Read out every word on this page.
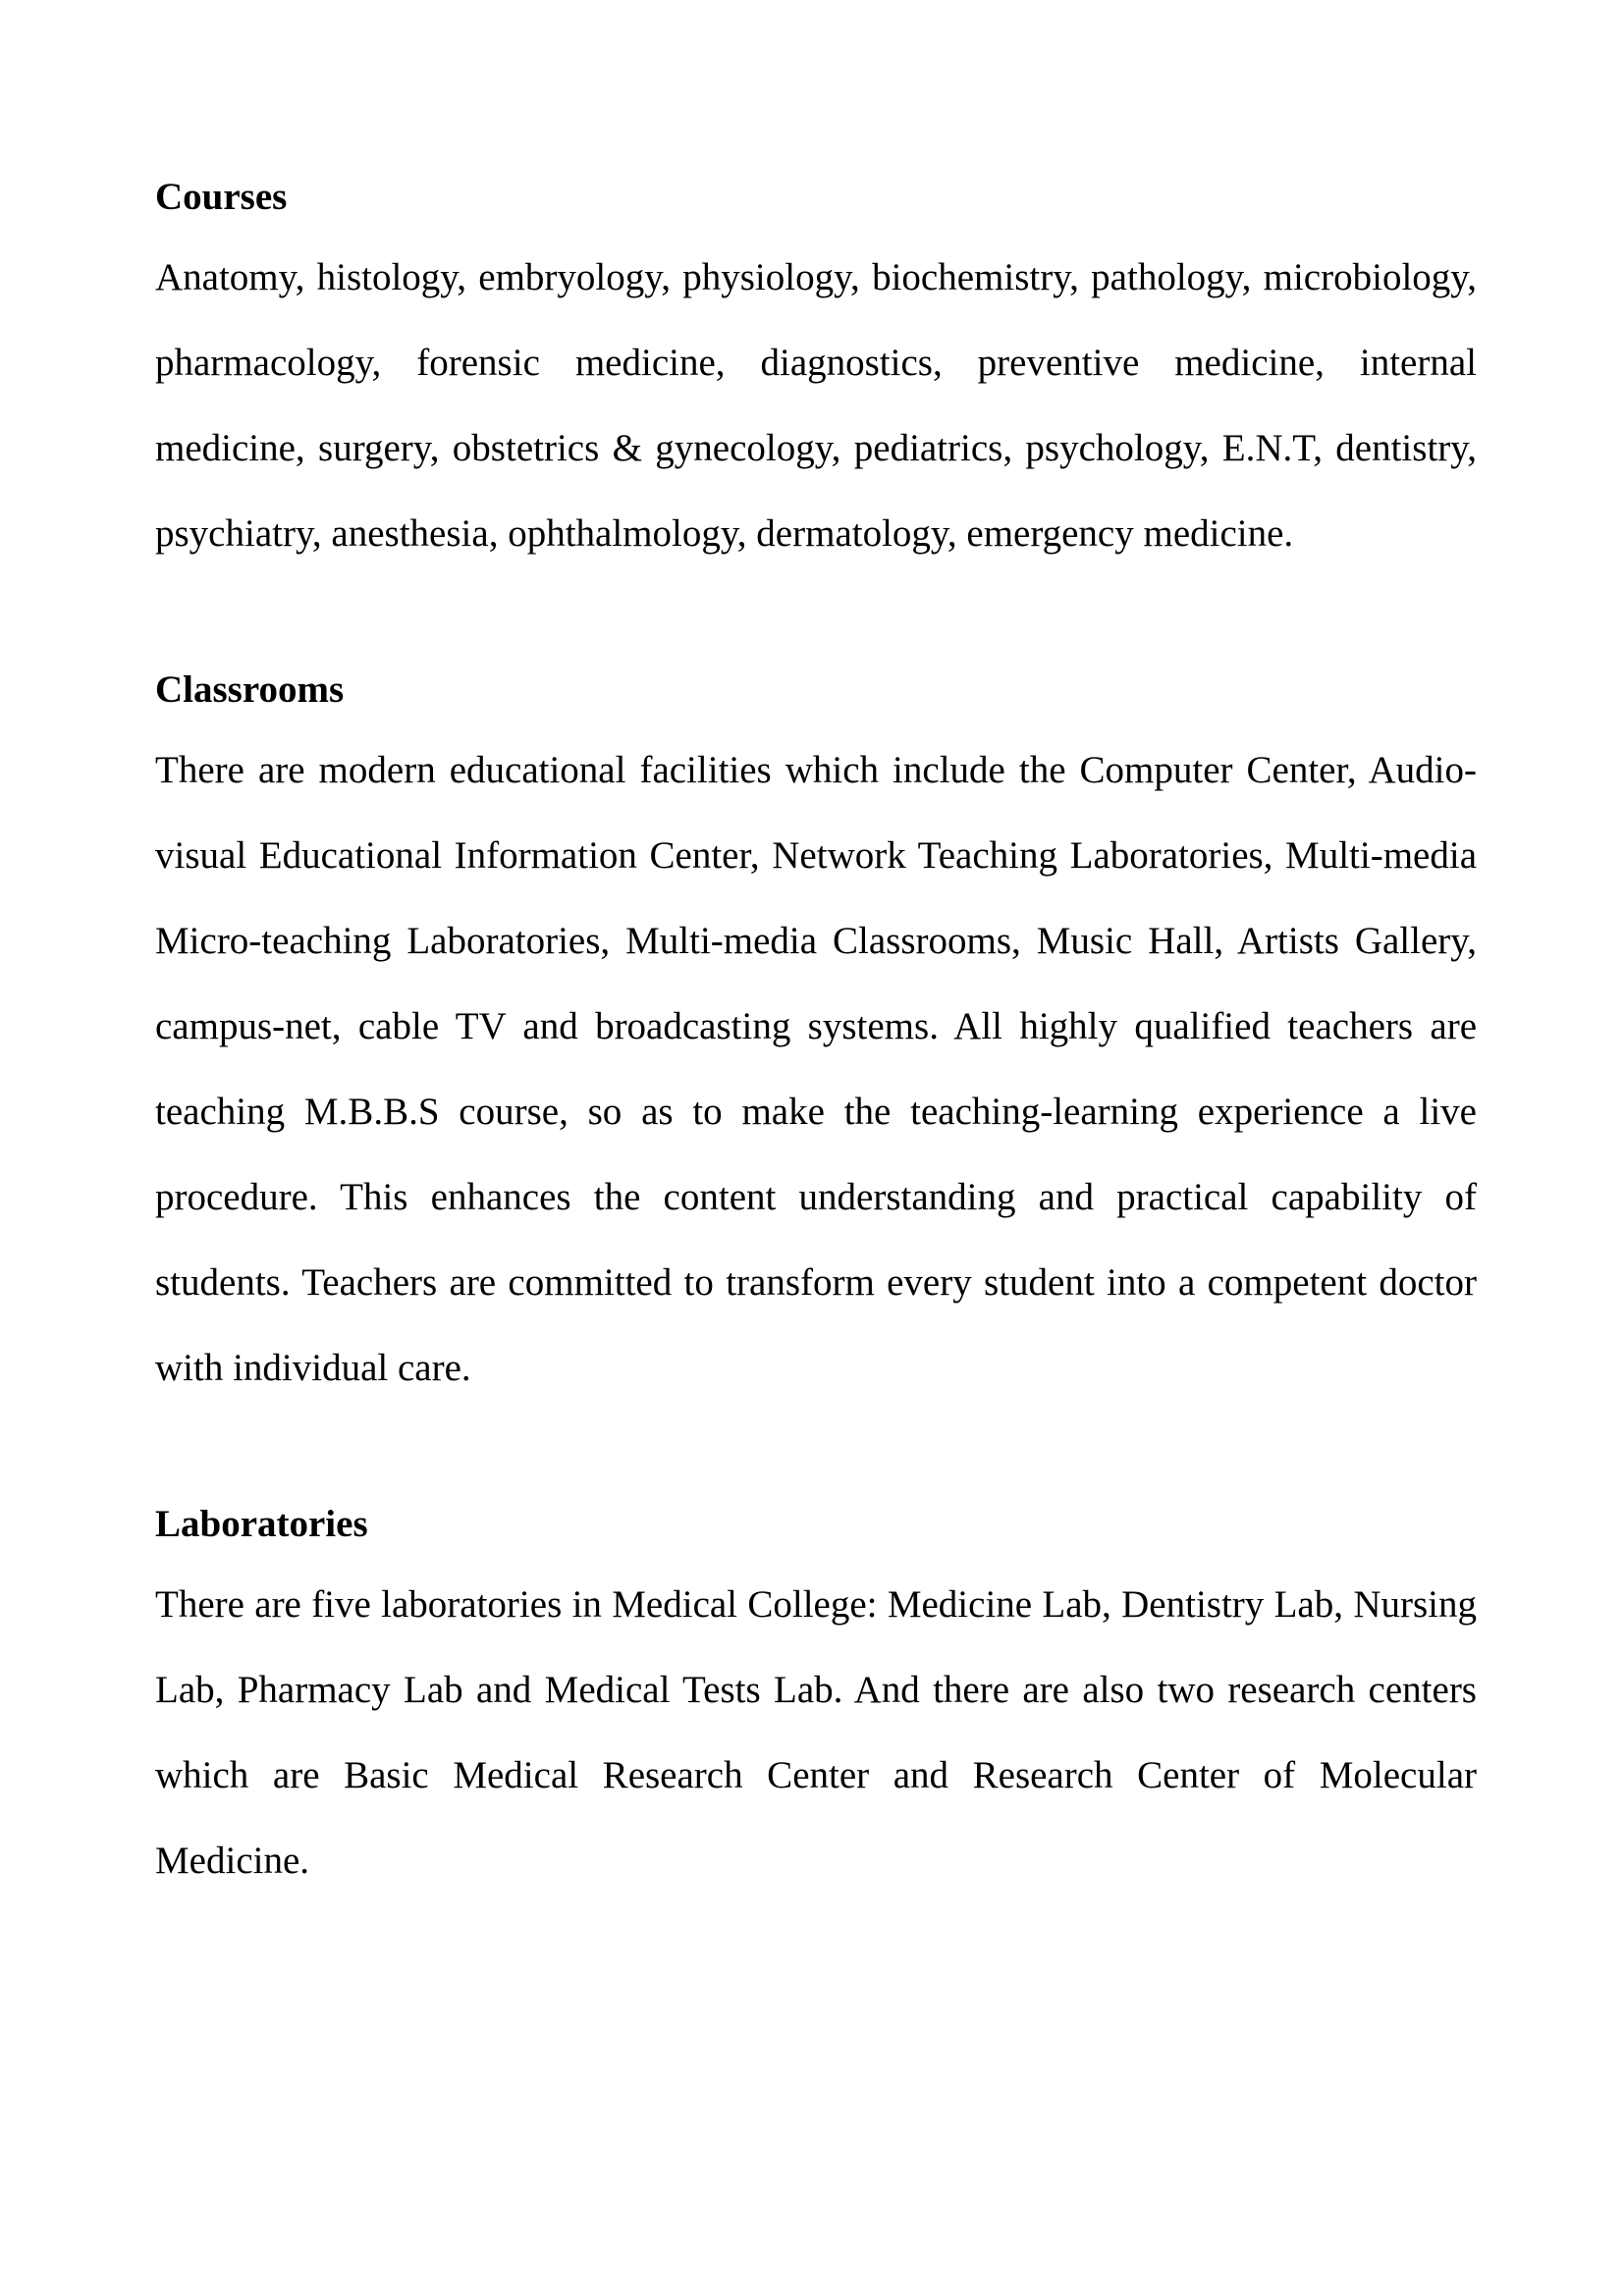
Courses

Anatomy, histology, embryology, physiology, biochemistry, pathology, microbiology, pharmacology, forensic medicine, diagnostics, preventive medicine, internal medicine, surgery, obstetrics & gynecology, pediatrics, psychology, E.N.T, dentistry, psychiatry, anesthesia, ophthalmology, dermatology, emergency medicine.

Classrooms

There are modern educational facilities which include the Computer Center, Audio-visual Educational Information Center, Network Teaching Laboratories, Multi-media Micro-teaching Laboratories, Multi-media Classrooms, Music Hall, Artists Gallery, campus-net, cable TV and broadcasting systems. All highly qualified teachers are teaching M.B.B.S course, so as to make the teaching-learning experience a live procedure. This enhances the content understanding and practical capability of students. Teachers are committed to transform every student into a competent doctor with individual care.

Laboratories

There are five laboratories in Medical College: Medicine Lab, Dentistry Lab, Nursing Lab, Pharmacy Lab and Medical Tests Lab. And there are also two research centers which are Basic Medical Research Center and Research Center of Molecular Medicine.
